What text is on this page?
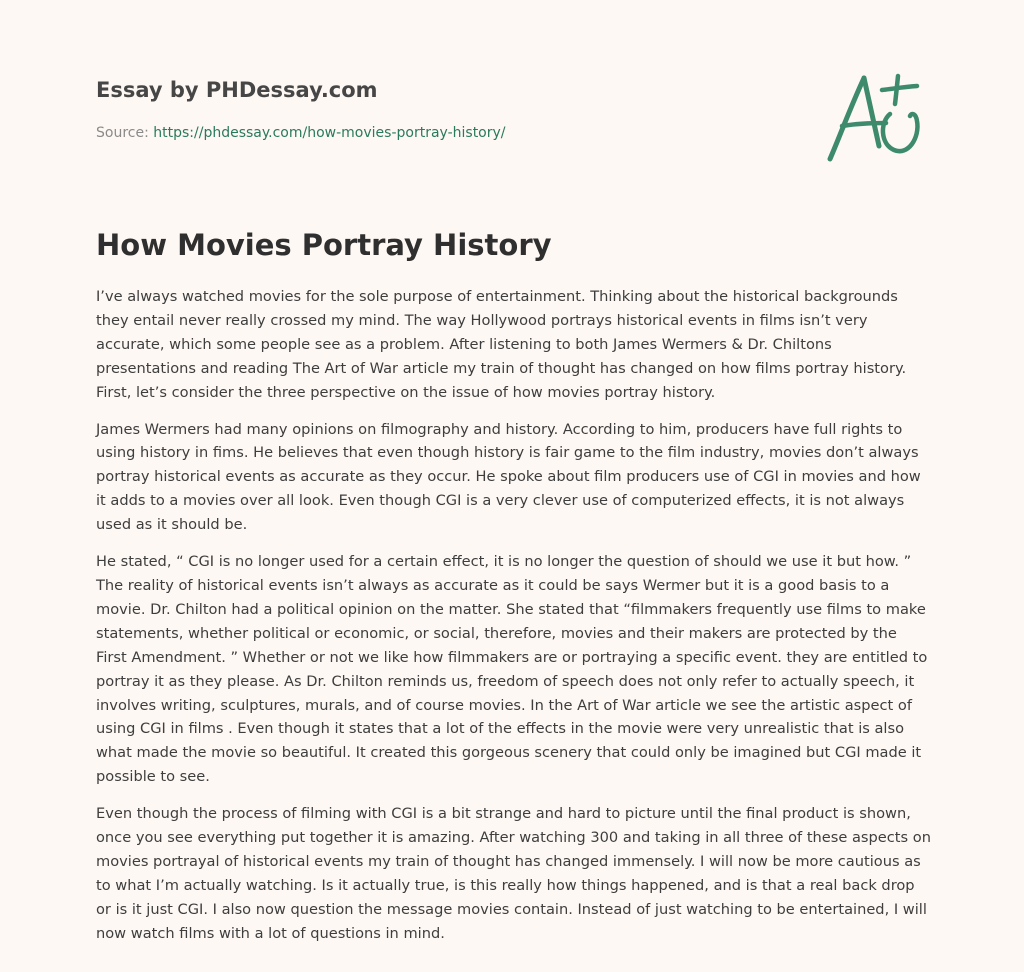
Essay by PHDessay.com
Source: https://phdessay.com/how-movies-portray-history/
How Movies Portray History

I’ve always watched movies for the sole purpose of entertainment. Thinking about the historical backgrounds they entail never really crossed my mind. The way Hollywood portrays historical events in films isn’t very accurate, which some people see as a problem. After listening to both James Wermers & Dr. Chiltons presentations and reading The Art of War article my train of thought has changed on how films portray history. First, let’s consider the three perspective on the issue of how movies portray history.

James Wermers had many opinions on filmography and history. According to him, producers have full rights to using history in fims. He believes that even though history is fair game to the film industry, movies don’t always portray historical events as accurate as they occur. He spoke about film producers use of CGI in movies and how it adds to a movies over all look. Even though CGI is a very clever use of computerized effects, it is not always used as it should be.

He stated, “ CGI is no longer used for a certain effect, it is no longer the question of should we use it but how. ” The reality of historical events isn’t always as accurate as it could be says Wermer but it is a good basis to a movie. Dr. Chilton had a political opinion on the matter. She stated that “filmmakers frequently use films to make statements, whether political or economic, or social, therefore, movies and their makers are protected by the First Amendment. ” Whether or not we like how filmmakers are or portraying a specific event. they are entitled to portray it as they please. As Dr. Chilton reminds us, freedom of speech does not only refer to actually speech, it involves writing, sculptures, murals, and of course movies. In the Art of War article we see the artistic aspect of using CGI in films . Even though it states that a lot of the effects in the movie were very unrealistic that is also what made the movie so beautiful. It created this gorgeous scenery that could only be imagined but CGI made it possible to see.

Even though the process of filming with CGI is a bit strange and hard to picture until the final product is shown, once you see everything put together it is amazing. After watching 300 and taking in all three of these aspects on movies portrayal of historical events my train of thought has changed immensely. I will now be more cautious as to what I’m actually watching. Is it actually true, is this really how things happened, and is that a real back drop or is it just CGI. I also now question the message movies contain. Instead of just watching to be entertained, I will now watch films with a lot of questions in mind.
